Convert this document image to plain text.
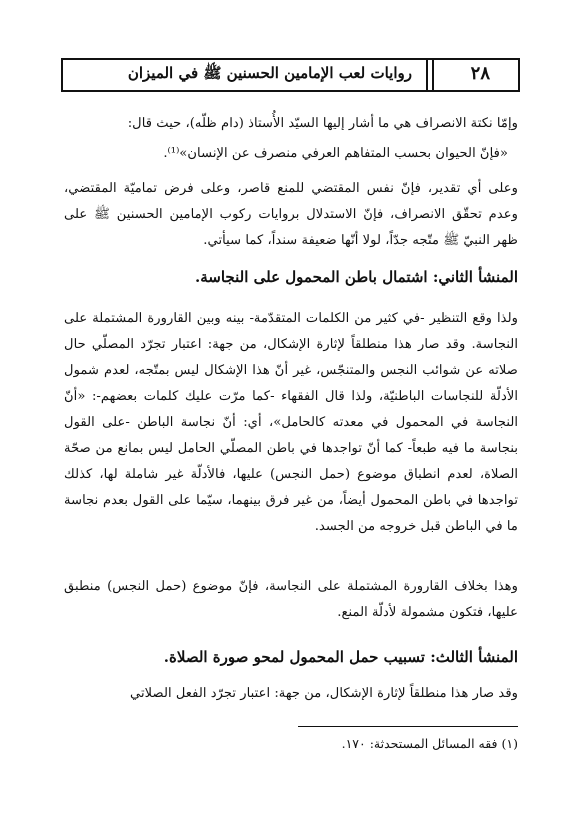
روايات لعب الإمامين الحسنين ﷺ في الميزان	٢٨
وإمّا نكتة الانصراف هي ما أشار إليها السيّد الأُستاذ (دام ظلّه)، حيث قال:
«فإنّ الحيوان بحسب المتفاهم العرفي منصرف عن الإنسان»⁽¹⁾.
وعلى أي تقدير، فإنّ نفس المقتضي للمنع قاصر، وعلى فرض تماميّة المقتضي، وعدم تحقّق الانصراف، فإنّ الاستدلال بروايات ركوب الإمامين الحسنين ﷺ على ظهر النبيّ ﷺ متّجه جدّاً، لولا أنّها ضعيفة سنداً، كما سيأتي.
المنشأ الثاني: اشتمال باطن المحمول على النجاسة.
ولذا وقع التنظير -في كثير من الكلمات المتقدّمة- بينه وبين القارورة المشتملة على النجاسة. وقد صار هذا منطلقاً لإثارة الإشكال، من جهة: اعتبار تجرّد المصلّي حال صلاته عن شوائب النجس والمتنجّس، غير أنّ هذا الإشكال ليس بمتّجه، لعدم شمول الأدلّة للنجاسات الباطنيّة، ولذا قال الفقهاء -كما مرّت عليك كلمات بعضهم-: «أنّ النجاسة في المحمول في معدته كالحامل»، أي: أنّ نجاسة الباطن -على القول بنجاسة ما فيه طبعاً- كما أنّ تواجدها في باطن المصلّي الحامل ليس بمانع من صحّة الصلاة، لعدم انطباق موضوع (حمل النجس) عليها، فالأدلّة غير شاملة لها، كذلك تواجدها في باطن المحمول أيضاً، من غير فرق بينهما، سيّما على القول بعدم نجاسة ما في الباطن قبل خروجه من الجسد.
وهذا بخلاف القارورة المشتملة على النجاسة، فإنّ موضوع (حمل النجس) منطبق عليها، فتكون مشمولة لأدلّة المنع.
المنشأ الثالث: تسبيب حمل المحمول لمحو صورة الصلاة.
وقد صار هذا منطلقاً لإثارة الإشكال، من جهة: اعتبار تجرّد الفعل الصلاتي
(١) فقه المسائل المستحدثة: ١٧٠.
